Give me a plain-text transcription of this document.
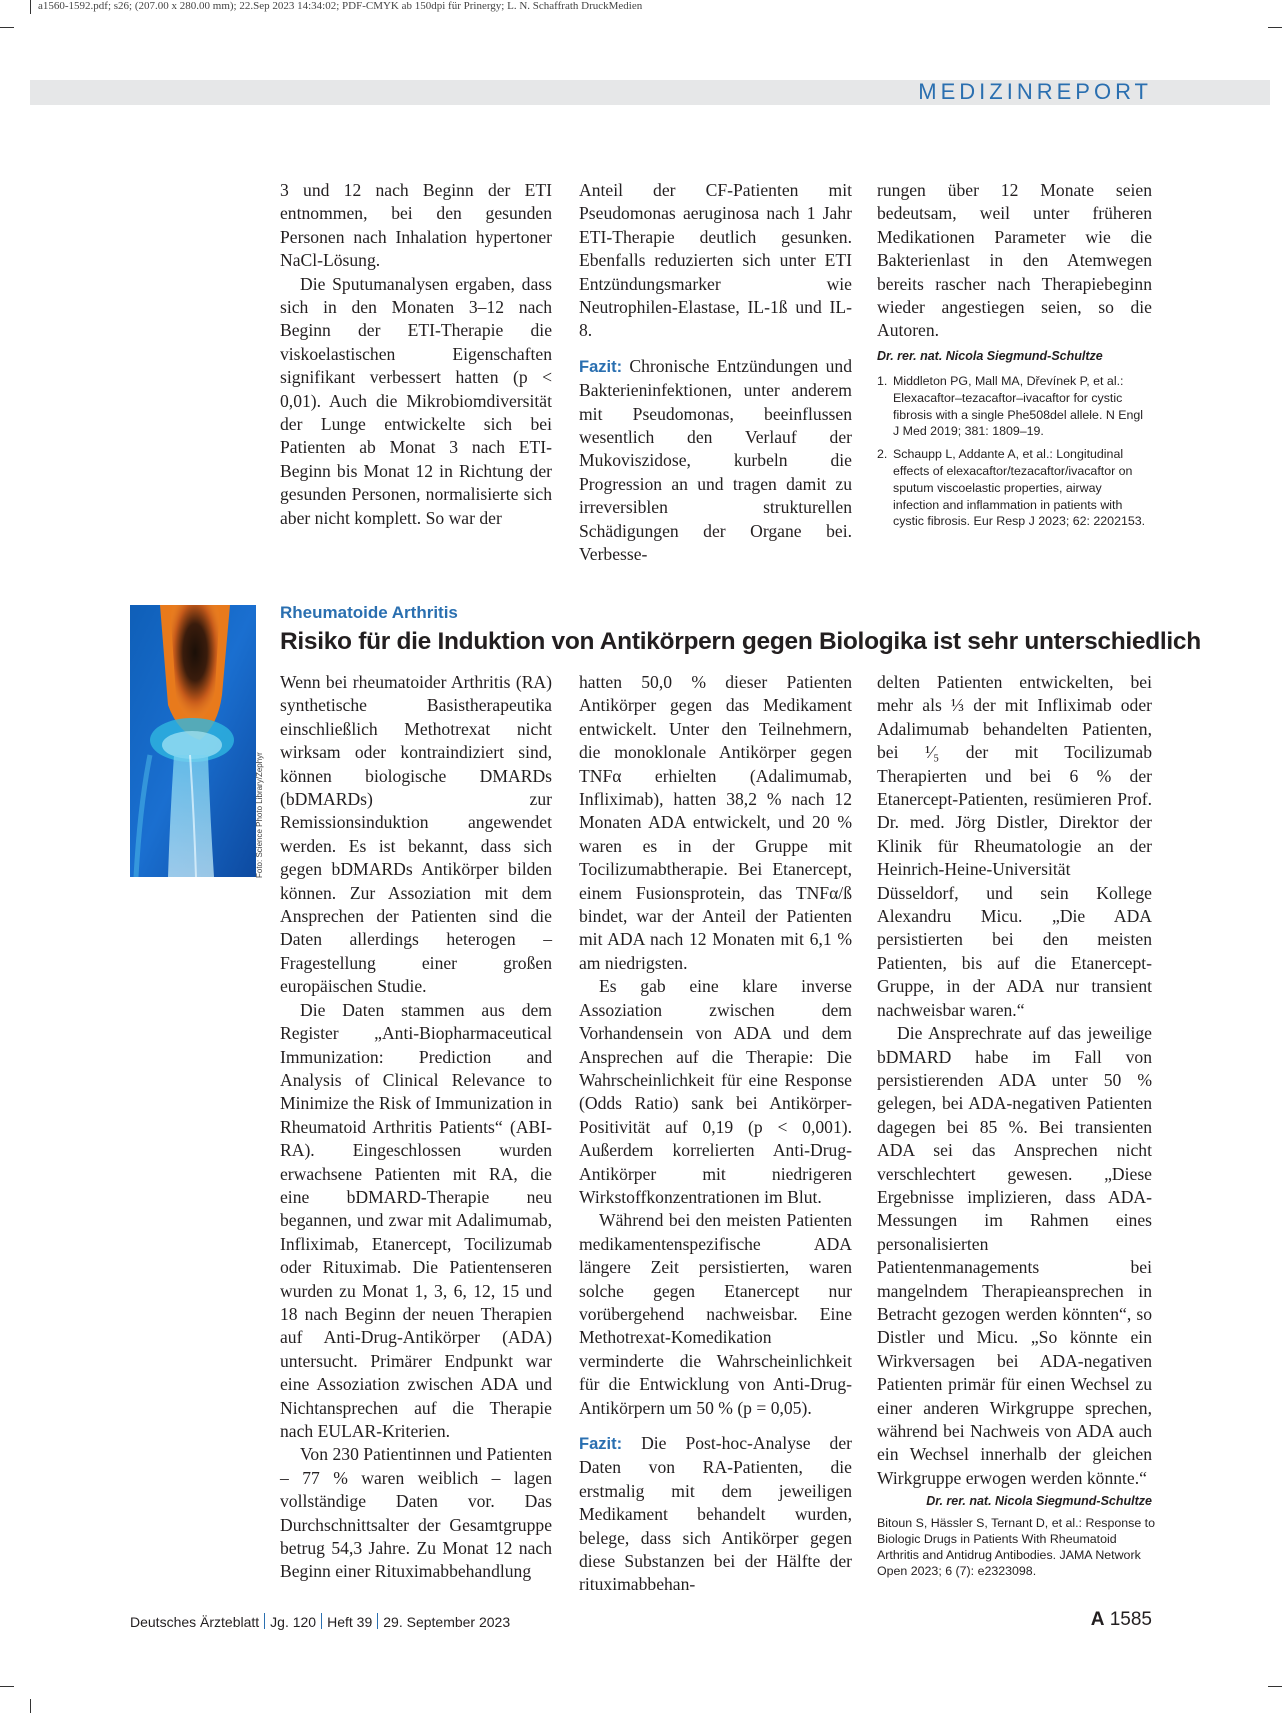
a1560-1592.pdf; s26; (207.00 x 280.00 mm); 22.Sep 2023 14:34:02; PDF-CMYK ab 150dpi für Prinergy; L. N. Schaffrath DruckMedien
MEDIZINREPORT

3 und 12 nach Beginn der ETI entnommen, bei den gesunden Personen nach Inhalation hypertoner NaCl-Lösung.

Die Sputumanalysen ergaben, dass sich in den Monaten 3–12 nach Beginn der ETI-Therapie die viskoelastischen Eigenschaften signifikant verbessert hatten (p < 0,01). Auch die Mikrobiomdiversität der Lunge entwickelte sich bei Patienten ab Monat 3 nach ETI-Beginn bis Monat 12 in Richtung der gesunden Personen, normalisierte sich aber nicht komplett. So war der

Anteil der CF-Patienten mit Pseudomonas aeruginosa nach 1 Jahr ETI-Therapie deutlich gesunken. Ebenfalls reduzierten sich unter ETI Entzündungsmarker wie Neutrophilen-Elastase, IL-1ß und IL-8.

Fazit: Chronische Entzündungen und Bakterieninfektionen, unter anderem mit Pseudomonas, beeinflussen wesentlich den Verlauf der Mukoviszidose, kurbeln die Progression an und tragen damit zu irreversiblen strukturellen Schädigungen der Organe bei. Verbesse-

rungen über 12 Monate seien bedeutsam, weil unter früheren Medikationen Parameter wie die Bakterienlast in den Atemwegen bereits rascher nach Therapiebeginn wieder angestiegen seien, so die Autoren. Dr. rer. nat. Nicola Siegmund-Schultze

1. Middleton PG, Mall MA, Dřevínek P, et al.: Elexacaftor–tezacaftor–ivacaftor for cystic fibrosis with a single Phe508del allele. N Engl J Med 2019; 381: 1809–19.
2. Schaupp L, Addante A, et al.: Longitudinal effects of elexacaftor/tezacaftor/ivacaftor on sputum viscoelastic properties, airway infection and inflammation in patients with cystic fibrosis. Eur Resp J 2023; 62: 2202153.
Foto: Science Photo Library/Zephyr
Rheumatoide Arthritis
Risiko für die Induktion von Antikörpern gegen Biologika ist sehr unterschiedlich

Wenn bei rheumatoider Arthritis (RA) synthetische Basistherapeutika einschließlich Methotrexat nicht wirksam oder kontraindiziert sind, können biologische DMARDs (bDMARDs) zur Remissionsinduktion angewendet werden. Es ist bekannt, dass sich gegen bDMARDs Antikörper bilden können. Zur Assoziation mit dem Ansprechen der Patienten sind die Daten allerdings heterogen – Fragestellung einer großen europäischen Studie.

Die Daten stammen aus dem Register „Anti-Biopharmaceutical Immunization: Prediction and Analysis of Clinical Relevance to Minimize the Risk of Immunization in Rheumatoid Arthritis Patients“ (ABI-RA). Eingeschlossen wurden erwachsene Patienten mit RA, die eine bDMARD-Therapie neu begannen, und zwar mit Adalimumab, Infliximab, Etanercept, Tocilizumab oder Rituximab. Die Patientenseren wurden zu Monat 1, 3, 6, 12, 15 und 18 nach Beginn der neuen Therapien auf Anti-Drug-Antikörper (ADA) untersucht. Primärer Endpunkt war eine Assoziation zwischen ADA und Nichtansprechen auf die Therapie nach EULAR-Kriterien.

Von 230 Patientinnen und Patienten – 77 % waren weiblich – lagen vollständige Daten vor. Das Durchschnittsalter der Gesamtgruppe betrug 54,3 Jahre. Zu Monat 12 nach Beginn einer Rituximabbehandlung

hatten 50,0 % dieser Patienten Antikörper gegen das Medikament entwickelt. Unter den Teilnehmern, die monoklonale Antikörper gegen TNFα erhielten (Adalimumab, Infliximab), hatten 38,2 % nach 12 Monaten ADA entwickelt, und 20 % waren es in der Gruppe mit Tocilizumabtherapie. Bei Etanercept, einem Fusionsprotein, das TNFα/ß bindet, war der Anteil der Patienten mit ADA nach 12 Monaten mit 6,1 % am niedrigsten.

Es gab eine klare inverse Assoziation zwischen dem Vorhandensein von ADA und dem Ansprechen auf die Therapie: Die Wahrscheinlichkeit für eine Response (Odds Ratio) sank bei Antikörper-Positivität auf 0,19 (p < 0,001). Außerdem korrelierten Anti-Drug-Antikörper mit niedrigeren Wirkstoffkonzentrationen im Blut.

Während bei den meisten Patienten medikamentenspezifische ADA längere Zeit persistierten, waren solche gegen Etanercept nur vorübergehend nachweisbar. Eine Methotrexat-Komedikation verminderte die Wahrscheinlichkeit für die Entwicklung von Anti-Drug-Antikörpern um 50 % (p = 0,05).

Fazit: Die Post-hoc-Analyse der Daten von RA-Patienten, die erstmalig mit dem jeweiligen Medikament behandelt wurden, belege, dass sich Antikörper gegen diese Substanzen bei der Hälfte der rituximabbehan-

delten Patienten entwickelten, bei mehr als ⅓ der mit Infliximab oder Adalimumab behandelten Patienten, bei ¹⁄₅ der mit Tocilizumab Therapierten und bei 6 % der Etanercept-Patienten, resümieren Prof. Dr. med. Jörg Distler, Direktor der Klinik für Rheumatologie an der Heinrich-Heine-Universität Düsseldorf, und sein Kollege Alexandru Micu. „Die ADA persistierten bei den meisten Patienten, bis auf die Etanercept-Gruppe, in der ADA nur transient nachweisbar waren.“

Die Ansprechrate auf das jeweilige bDMARD habe im Fall von persistierenden ADA unter 50 % gelegen, bei ADA-negativen Patienten dagegen bei 85 %. Bei transienten ADA sei das Ansprechen nicht verschlechtert gewesen. „Diese Ergebnisse implizieren, dass ADA-Messungen im Rahmen eines personalisierten Patientenmanagements bei mangelndem Therapieansprechen in Betracht gezogen werden könnten“, so Distler und Micu. „So könnte ein Wirkversagen bei ADA-negativen Patienten primär für einen Wechsel zu einer anderen Wirkgruppe sprechen, während bei Nachweis von ADA auch ein Wechsel innerhalb der gleichen Wirkgruppe erwogen werden könnte.“

Dr. rer. nat. Nicola Siegmund-Schultze

Bitoun S, Hässler S, Ternant D, et al.: Response to Biologic Drugs in Patients With Rheumatoid Arthritis and Antidrug Antibodies. JAMA Network Open 2023; 6 (7): e2323098.

Deutsches Ärzteblatt Jg. 120 Heft 39 29. September 2023	A 1585
